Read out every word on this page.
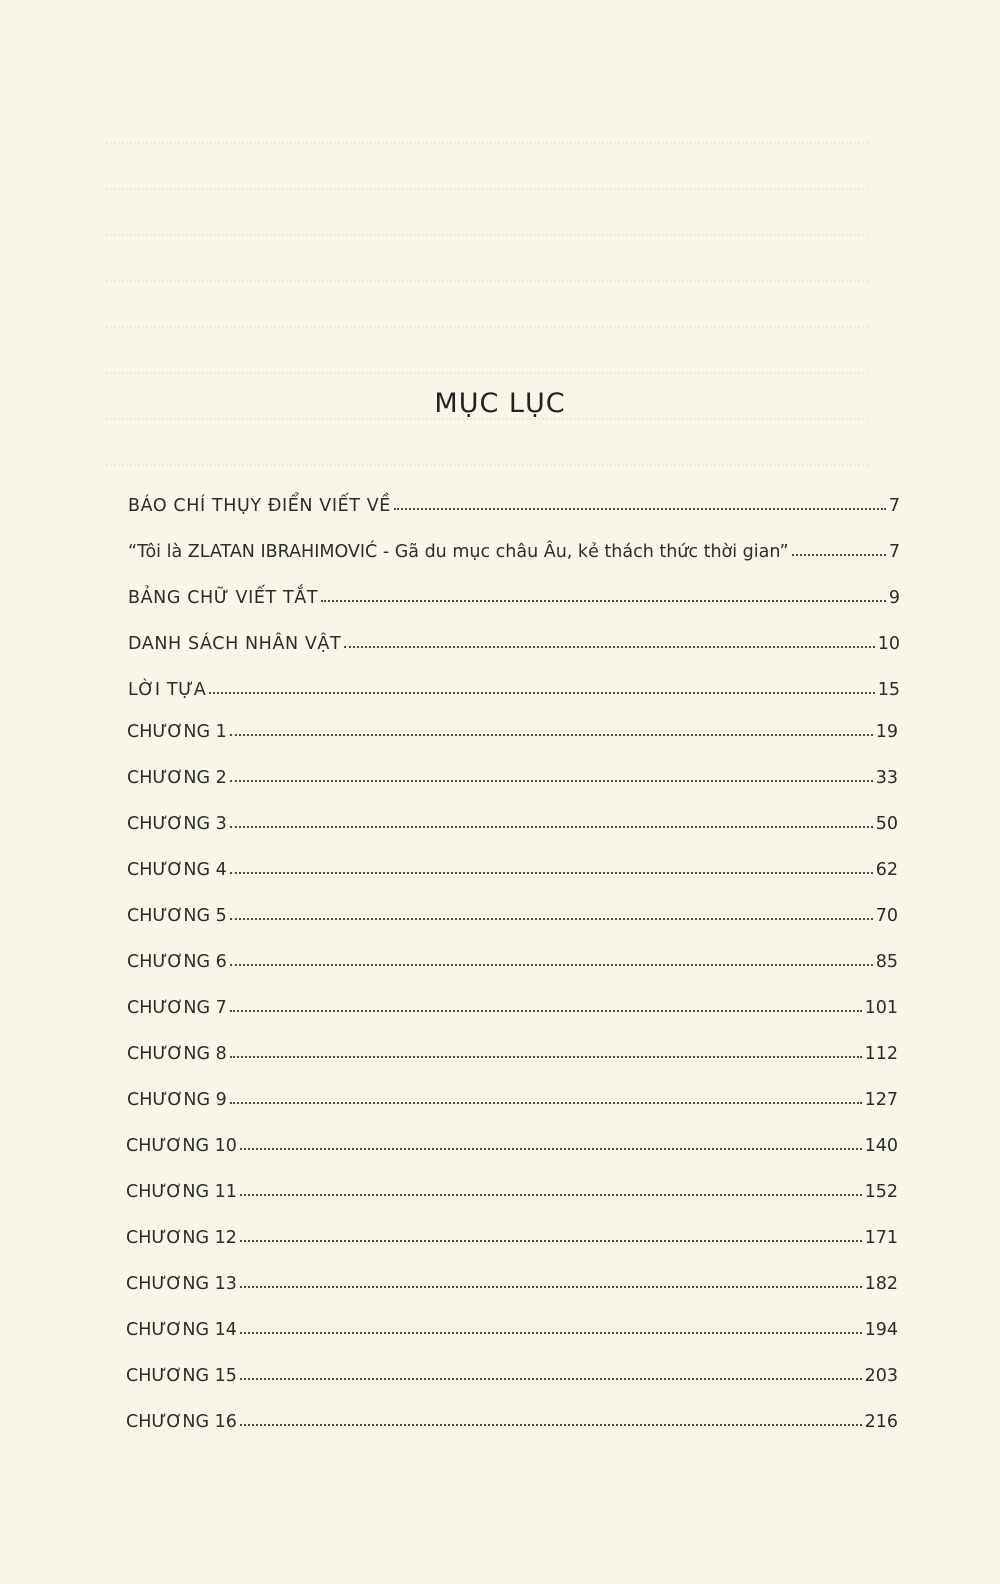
MỤC LỤC
BÁO CHÍ THỤY ĐIỂN VIẾT VỀ	7
“Tôi là ZLATAN IBRAHIMOVIĆ - Gã du mục châu Âu, kẻ thách thức thời gian”	7
BẢNG CHỮ VIẾT TẮT	9
DANH SÁCH NHÂN VẬT	10
LỜI TỰA	15
CHƯƠNG 1	19
CHƯƠNG 2	33
CHƯƠNG 3	50
CHƯƠNG 4	62
CHƯƠNG 5	70
CHƯƠNG 6	85
CHƯƠNG 7	101
CHƯƠNG 8	112
CHƯƠNG 9	127
CHƯƠNG 10	140
CHƯƠNG 11	152
CHƯƠNG 12	171
CHƯƠNG 13	182
CHƯƠNG 14	194
CHƯƠNG 15	203
CHƯƠNG 16	216
